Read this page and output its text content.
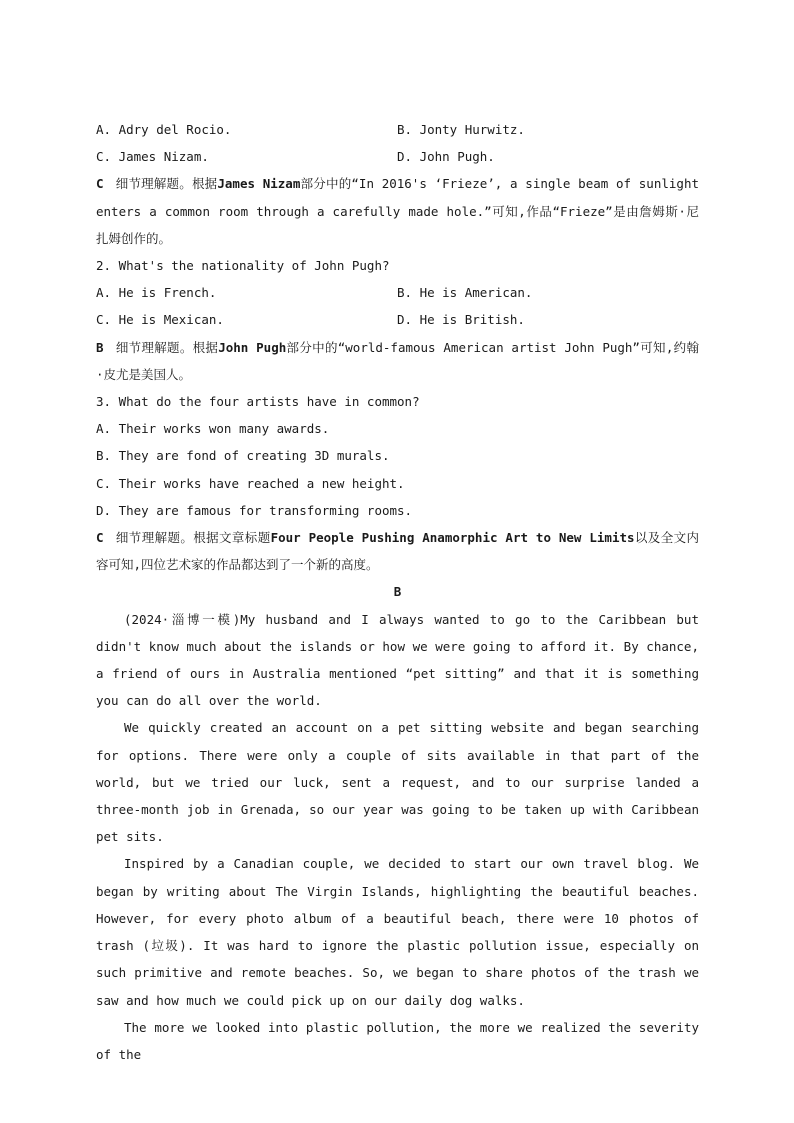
A. Adry del Rocio.	B. Jonty Hurwitz.
C. James Nizam.	D. John Pugh.
C 细节理解题。根据James Nizam部分中的“In 2016's ‘Frieze’, a single beam of sunlight enters a common room through a carefully made hole.”可知,作品“Frieze”是由詹姆斯·尼扎姆创作的。
2. What's the nationality of John Pugh?
A. He is French.	B. He is American.
C. He is Mexican.	D. He is British.
B 细节理解题。根据John Pugh部分中的“world-famous American artist John Pugh”可知,约翰·皮尤是美国人。
3. What do the four artists have in common?
A. Their works won many awards.
B. They are fond of creating 3D murals.
C. Their works have reached a new height.
D. They are famous for transforming rooms.
C 细节理解题。根据文章标题Four People Pushing Anamorphic Art to New Limits以及全文内容可知,四位艺术家的作品都达到了一个新的高度。
B
(2024·淄博一模)My husband and I always wanted to go to the Caribbean but didn't know much about the islands or how we were going to afford it. By chance, a friend of ours in Australia mentioned “pet sitting” and that it is something you can do all over the world.
We quickly created an account on a pet sitting website and began searching for options. There were only a couple of sits available in that part of the world, but we tried our luck, sent a request, and to our surprise landed a three-month job in Grenada, so our year was going to be taken up with Caribbean pet sits.
Inspired by a Canadian couple, we decided to start our own travel blog. We began by writing about The Virgin Islands, highlighting the beautiful beaches. However, for every photo album of a beautiful beach, there were 10 photos of trash (垃圾). It was hard to ignore the plastic pollution issue, especially on such primitive and remote beaches. So, we began to share photos of the trash we saw and how much we could pick up on our daily dog walks.
The more we looked into plastic pollution, the more we realized the severity of the
